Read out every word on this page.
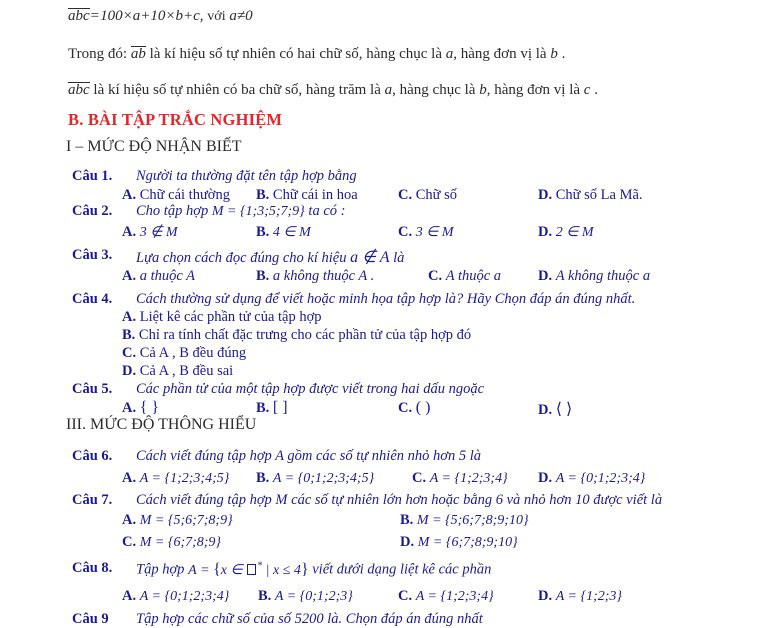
abc=100×a+10×b+c, với a≠0
Trong đó: ab là kí hiệu số tự nhiên có hai chữ số, hàng chục là a, hàng đơn vị là b .
abc là kí hiệu số tự nhiên có ba chữ số, hàng trăm là a, hàng chục là b, hàng đơn vị là c .
B. BÀI TẬP TRẮC NGHIỆM
I – MỨC ĐỘ NHẬN BIẾT
III. MỨC ĐỘ THÔNG HIỂU
Câu 1. Người ta thường đặt tên tập hợp bằng
A. Chữ cái thường B. Chữ cái in hoa	C. Chữ số	D. Chữ số La Mã.
Câu 2. Cho tập hợp M = {1;3;5;7;9} ta có :
A. 3 ∉ M	B. 4 ∈ M	C. 3 ∈ M	D. 2 ∈ M
Câu 3. Lựa chọn cách đọc đúng cho kí hiệu a ∉ A là
A. a thuộc A	B. a không thuộc A .	C. A thuộc a	D. A không thuộc a
Câu 4. Cách thường sử dụng để viết hoặc minh họa tập hợp là? Hãy Chọn đáp án đúng nhất.
A. Liệt kê các phần tử của tập hợp
B. Chỉ ra tính chất đặc trưng cho các phần tử của tập hợp đó
C. Cả A , B đều đúng
D. Cả A , B đều sai
Câu 5. Các phần tử của một tập hợp được viết trong hai dấu ngoặc
A. { }	B. [ ]	C. ( )	D. ⟨ ⟩
Câu 6. Cách viết đúng tập hợp A gồm các số tự nhiên nhỏ hơn 5 là
A. A = {1;2;3;4;5} B. A = {0;1;2;3;4;5}	C. A = {1;2;3;4} D. A = {0;1;2;3;4}
Câu 7. Cách viết đúng tập hợp M các số tự nhiên lớn hơn hoặc bằng 6 và nhỏ hơn 10 được viết là
A. M = {5;6;7;8;9}	B. M = {5;6;7;8;9;10}
C. M = {6;7;8;9}	D. M = {6;7;8;9;10}
Câu 8. Tập hợp A = {x ∈ * | x ≤ 4} viết dưới dạng liệt kê các phần
A. A = {0;1;2;3;4} B. A = {0;1;2;3}	C. A = {1;2;3;4}	D. A = {1;2;3}
Câu 9 Tập hợp các chữ số của số 5200 là. Chọn đáp án đúng nhất
